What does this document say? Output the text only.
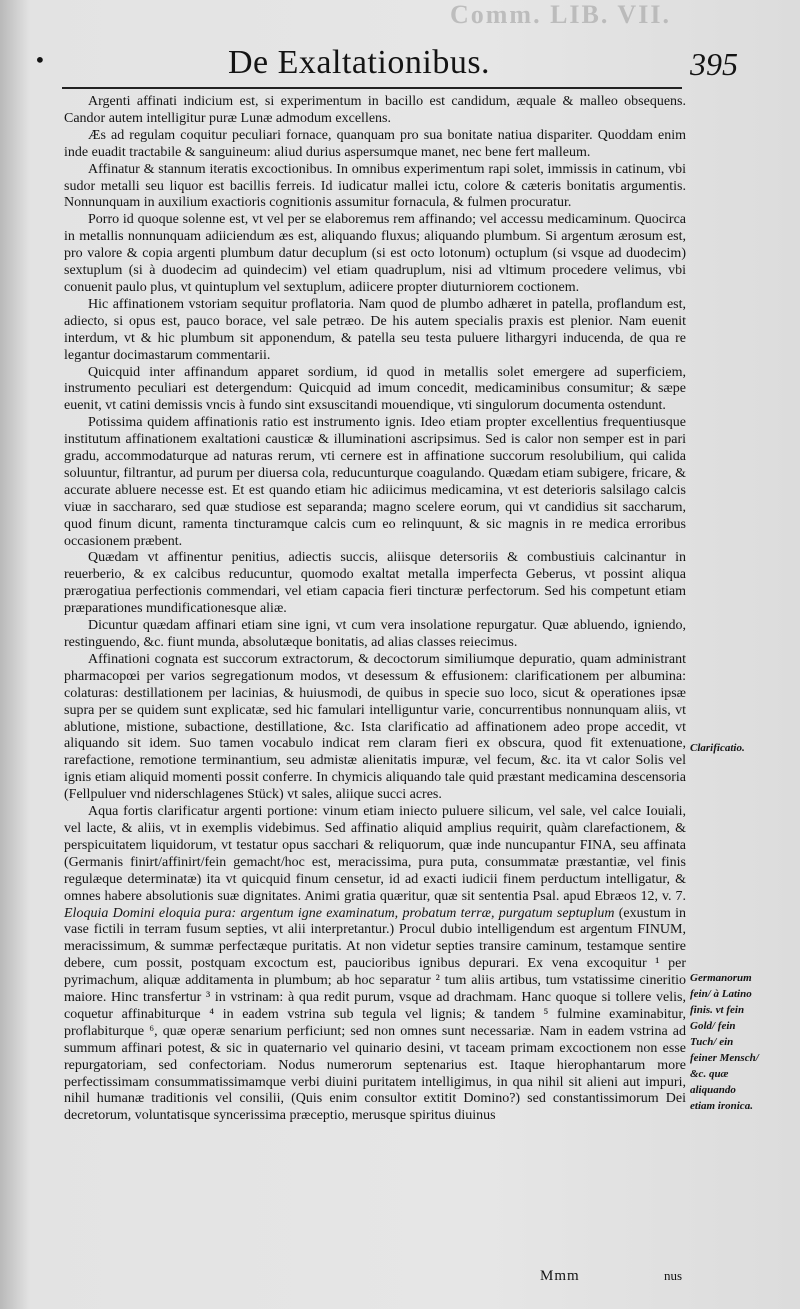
Comm. LIB. VII.
•	De Exaltationibus.	395

Argenti affinati indicium est, si experimentum in bacillo est candidum, æquale & malleo obsequens. Candor autem intelligitur puræ Lunæ admodum excellens.

Æs ad regulam coquitur peculiari fornace, quanquam pro sua bonitate natiua dispariter. Quoddam enim inde euadit tractabile & sanguineum: aliud durius aspersumque manet, nec bene fert malleum.

Affinatur & stannum iteratis excoctionibus. In omnibus experimentum rapi solet, immissis in catinum, vbi sudor metalli seu liquor est bacillis ferreis. Id iudicatur mallei ictu, colore & cæteris bonitatis argumentis. Nonnunquam in auxilium exactioris cognitionis assumitur fornacula, & fulmen procuratur.

Porro id quoque solenne est, vt vel per se elaboremus rem affinando; vel accessu medicaminum. Quocirca in metallis nonnunquam adiiciendum æs est, aliquando fluxus; aliquando plumbum. Si argentum ærosum est, pro valore & copia argenti plumbum datur decuplum (si est octo lotonum) octuplum (si vsque ad duodecim) sextuplum (si à duodecim ad quindecim) vel etiam quadruplum, nisi ad vltimum procedere velimus, vbi conuenit paulo plus, vt quintuplum vel sextuplum, adiicere propter diuturniorem coctionem.

Hic affinationem vstoriam sequitur proflatoria. Nam quod de plumbo adhæret in patella, proflandum est, adiecto, si opus est, pauco borace, vel sale petræo. De his autem specialis praxis est plenior. Nam euenit interdum, vt & hic plumbum sit apponendum, & patella seu testa puluere lithargyri inducenda, de qua re legantur docimastarum commentarii.

Quicquid inter affinandum apparet sordium, id quod in metallis solet emergere ad superficiem, instrumento peculiari est detergendum: Quicquid ad imum concedit, medicaminibus consumitur; & sæpe euenit, vt catini demissis vncis à fundo sint exsuscitandi mouendique, vti singulorum documenta ostendunt.

Potissima quidem affinationis ratio est instrumento ignis. Ideo etiam propter excellentius frequentiusque institutum affinationem exaltationi causticæ & illuminationi ascripsimus. Sed is calor non semper est in pari gradu, accommodaturque ad naturas rerum, vti cernere est in affinatione succorum resolubilium, qui calida soluuntur, filtrantur, ad purum per diuersa cola, reducunturque coagulando. Quædam etiam subigere, fricare, & accurate abluere necesse est. Et est quando etiam hic adiicimus medicamina, vt est deterioris salsilago calcis viuæ in sacchararo, sed quæ studiose est separanda; magno scelere eorum, qui vt candidius sit saccharum, quod finum dicunt, ramenta tincturamque calcis cum eo relinquunt, & sic magnis in re medica erroribus occasionem præbent.

Quædam vt affinentur penitius, adiectis succis, aliisque detersoriis & combustiuis calcinantur in reuerberio, & ex calcibus reducuntur, quomodo exaltat metalla imperfecta Geberus, vt possint aliqua prærogatiua perfectionis commendari, vel etiam capacia fieri tincturæ perfectorum. Sed his competunt etiam præparationes mundificationesque aliæ.

Dicuntur quædam affinari etiam sine igni, vt cum vera insolatione repurgatur. Quæ abluendo, igniendo, restinguendo, &c. fiunt munda, absolutæque bonitatis, ad alias classes reiecimus.

Affinationi cognata est succorum extractorum, & decoctorum similiumque depuratio, quam administrant pharmacopœi per varios segregationum modos, vt desessum & effusionem: clarificationem per albumina: colaturas: destillationem per lacinias, & huiusmodi, de quibus in specie suo loco, sicut & operationes ipsæ supra per se quidem sunt explicatæ, sed hic famulari intelliguntur varie, concurrentibus nonnunquam aliis, vt ablutione, mistione, subactione, destillatione, &c. Ista clarificatio ad affinationem adeo prope accedit, vt aliquando sit idem. Suo tamen vocabulo indicat rem claram fieri ex obscura, quod fit extenuatione, rarefactione, remotione terminantium, seu admistæ alienitatis impuræ, vel fecum, &c. ita vt calor Solis vel ignis etiam aliquid momenti possit conferre. In chymicis aliquando tale quid præstant medicamina descensoria (Fellpuluer vnd niderschlagenes Stück) vt sales, aliique succi acres.

Aqua fortis clarificatur argenti portione: vinum etiam iniecto puluere silicum, vel sale, vel calce Iouiali, vel lacte, & aliis, vt in exemplis videbimus. Sed affinatio aliquid amplius requirit, quàm clarefactionem, & perspicuitatem liquidorum, vt testatur opus sacchari & reliquorum, quæ inde nuncupantur FINA, seu affinata (Germanis finirt/affinirt/fein gemacht/hoc est, meracissima, pura puta, consummatæ præstantiæ, vel finis regulæque determinatæ) ita vt quicquid finum censetur, id ad exacti iudicii finem perductum intelligatur, & omnes habere absolutionis suæ dignitates. Animi gratia quæritur, quæ sit sententia Psal. apud Ebræos 12, v. 7. Eloquia Domini eloquia pura: argentum igne examinatum, probatum terræ, purgatum septuplum (exustum in vase fictili in terram fusum septies, vt alii interpretantur.) Procul dubio intelligendum est argentum FINUM, meracissimum, & summæ perfectæque puritatis. At non videtur septies transire caminum, testamque sentire debere, cum possit, postquam excoctum est, paucioribus ignibus depurari. Ex vena excoquitur ¹ per pyrimachum, aliquæ additamenta in plumbum; ab hoc separatur ² tum aliis artibus, tum vstatissime cineritio maiore. Hinc transfertur ³ in vstrinam: à qua redit purum, vsque ad drachmam. Hanc quoque si tollere velis, coquetur affinabiturque ⁴ in eadem vstrina sub tegula vel lignis; & tandem ⁵ fulmine examinabitur, proflabiturque ⁶, quæ operæ senarium perficiunt; sed non omnes sunt necessariæ. Nam in eadem vstrina ad summum affinari potest, & sic in quaternario vel quinario desini, vt taceam primam excoctionem non esse repurgatoriam, sed confectoriam. Nodus numerorum septenarius est. Itaque hierophantarum more perfectissimam consummatissimamque verbi diuini puritatem intelligimus, in qua nihil sit alieni aut impuri, nihil humanæ traditionis vel consilii, (Quis enim consultor extitit Domino?) sed constantissimorum Dei decretorum, voluntatisque syncerissima præceptio, merusque spiritus diuinus

Clarificatio.
Germanorum fein/ à Latino finis. vt fein Gold/ fein Tuch/ ein feiner Mensch/ &c. quæ aliquando etiam ironica.
Mmm	nus
